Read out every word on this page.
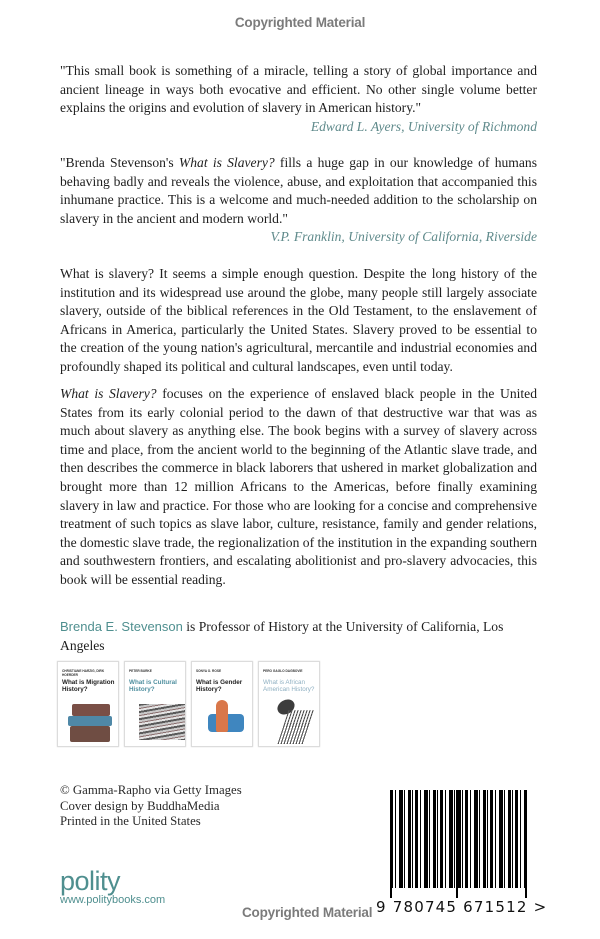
Copyrighted Material

"This small book is something of a miracle, telling a story of global importance and ancient lineage in ways both evocative and efficient. No other single volume better explains the origins and evolution of slavery in American history."

Edward L. Ayers, University of Richmond

"Brenda Stevenson's What is Slavery? fills a huge gap in our knowledge of humans behaving badly and reveals the violence, abuse, and exploitation that accompanied this inhumane practice. This is a welcome and much-needed addition to the scholarship on slavery in the ancient and modern world."

V.P. Franklin, University of California, Riverside

What is slavery? It seems a simple enough question. Despite the long history of the institution and its widespread use around the globe, many people still largely associate slavery, outside of the biblical references in the Old Testament, to the enslavement of Africans in America, particularly the United States. Slavery proved to be essential to the creation of the young nation's agricultural, mercantile and industrial economies and profoundly shaped its political and cultural landscapes, even until today.

What is Slavery? focuses on the experience of enslaved black people in the United States from its early colonial period to the dawn of that destructive war that was as much about slavery as anything else. The book begins with a survey of slavery across time and place, from the ancient world to the beginning of the Atlantic slave trade, and then describes the commerce in black laborers that ushered in market globalization and brought more than 12 million Africans to the Americas, before finally examining slavery in law and practice. For those who are looking for a concise and comprehensive treatment of such topics as slave labor, culture, resistance, family and gender relations, the domestic slave trade, the regionalization of the institution in the expanding southern and southwestern frontiers, and escalating abolitionist and pro-slavery advocacies, this book will be essential reading.

Brenda E. Stevenson is Professor of History at the University of California, Los Angeles

CHRISTIANE HARZIG, DIRK HOERDER
What is Migration History?
PETER BURKE
What is Cultural History?
SONYA O. ROSE
What is Gender History?
PERO GAGLO DAGBOVIE
What is African American History?
© Gamma-Rapho via Getty Images
Cover design by BuddhaMedia
Printed in the United States
polity
www.politybooks.com	9 780745 671512 >
Copyrighted Material
